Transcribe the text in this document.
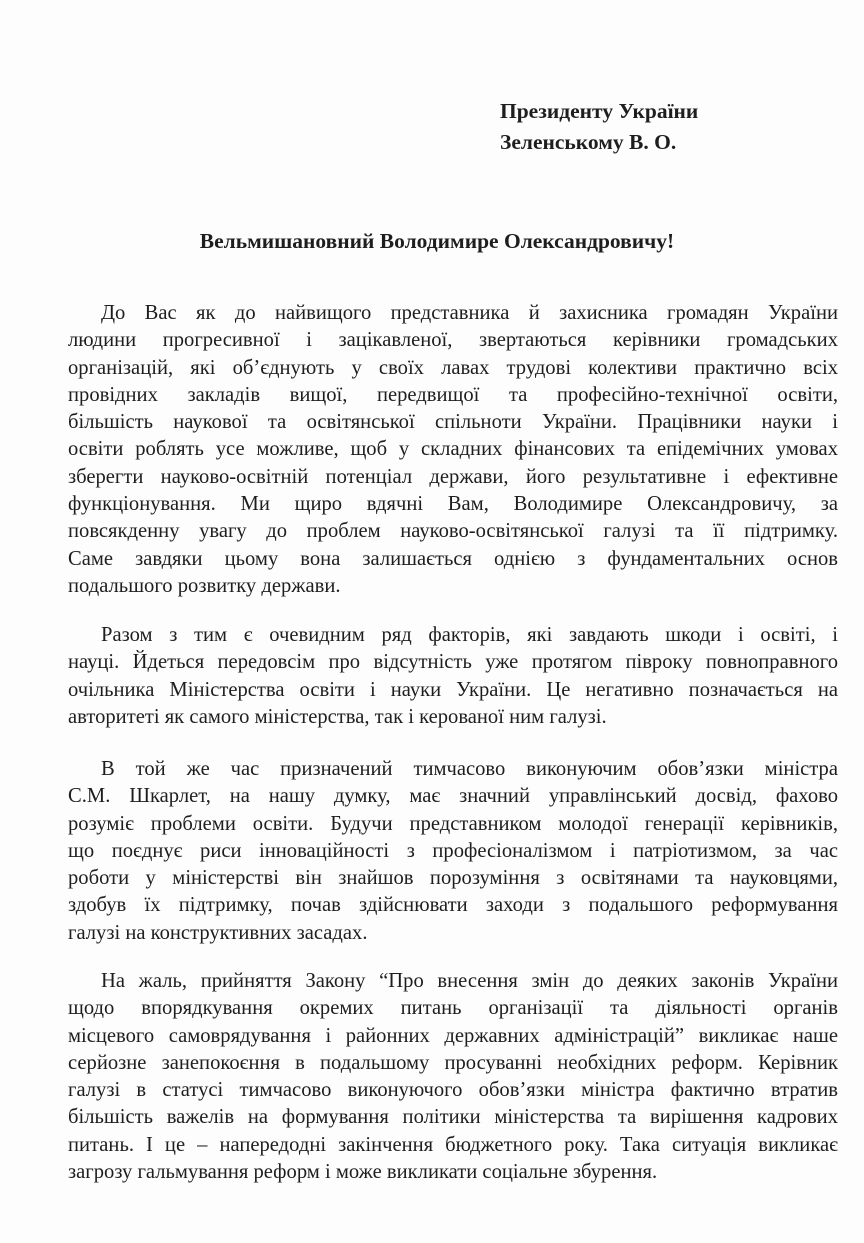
Президенту України
Зеленському В. О.
Вельмишановний Володимире Олександровичу!
До Вас як до найвищого представника й захисника громадян України
людини прогресивної і зацікавленої, звертаються керівники громадських
організацій, які об’єднують у своїх лавах трудові колективи практично всіх
провідних закладів вищої, передвищої та професійно-технічної освіти,
більшість наукової та освітянської спільноти України. Працівники науки і
освіти роблять усе можливе, щоб у складних фінансових та епідемічних умовах
зберегти науково-освітній потенціал держави, його результативне і ефективне
функціонування. Ми щиро вдячні Вам, Володимире Олександровичу, за
повсякденну увагу до проблем науково-освітянської галузі та її підтримку.
Саме завдяки цьому вона залишається однією з фундаментальних основ
подальшого розвитку держави.
Разом з тим є очевидним ряд факторів, які завдають шкоди і освіті, і
науці. Йдеться передовсім про відсутність уже протягом півроку повноправного
очільника Міністерства освіти і науки України. Це негативно позначається на
авторитеті як самого міністерства, так і керованої ним галузі.
В той же час призначений тимчасово виконуючим обов’язки міністра
С.М. Шкарлет, на нашу думку, має значний управлінський досвід, фахово
розуміє проблеми освіти. Будучи представником молодої генерації керівників,
що поєднує риси інноваційності з професіоналізмом і патріотизмом, за час
роботи у міністерстві він знайшов порозуміння з освітянами та науковцями,
здобув їх підтримку, почав здійснювати заходи з подальшого реформування
галузі на конструктивних засадах.
На жаль, прийняття Закону “Про внесення змін до деяких законів України
щодо впорядкування окремих питань організації та діяльності органів
місцевого самоврядування і районних державних адміністрацій” викликає наше
серйозне занепокоєння в подальшому просуванні необхідних реформ. Керівник
галузі в статусі тимчасово виконуючого обов’язки міністра фактично втратив
більшість важелів на формування політики міністерства та вирішення кадрових
питань. І це – напередодні закінчення бюджетного року. Така ситуація викликає
загрозу гальмування реформ і може викликати соціальне збурення.
